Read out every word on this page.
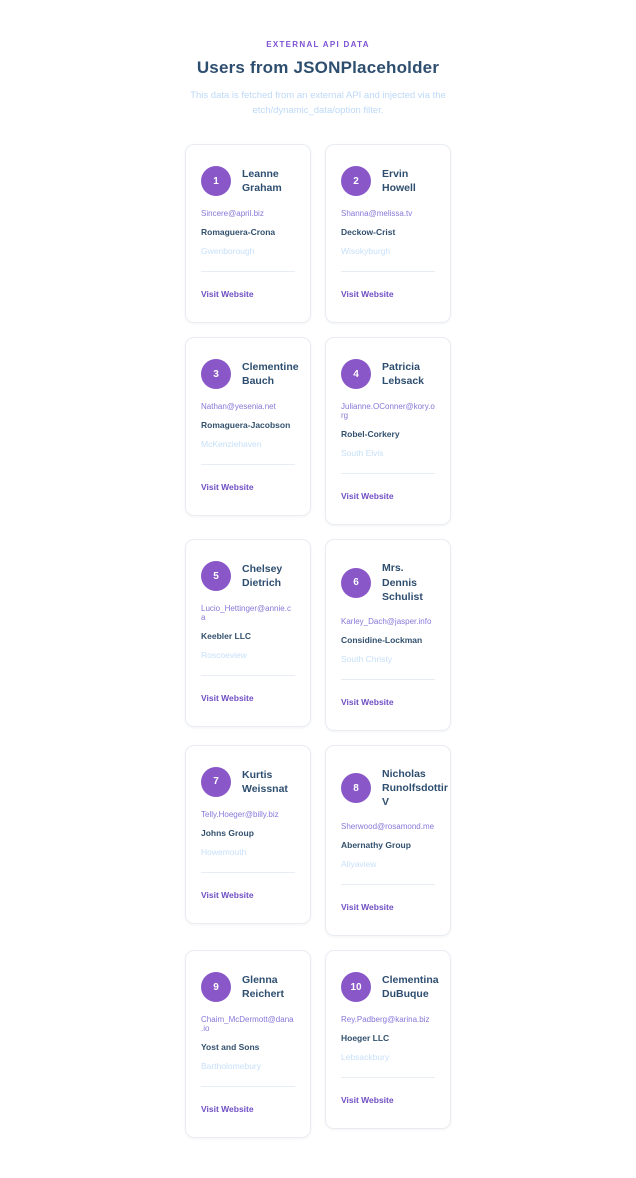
EXTERNAL API DATA
Users from JSONPlaceholder

This data is fetched from an external API and injected via the etch/dynamic_data/option filter.

1
Leanne Graham
Sincere@april.biz
Romaguera-Crona
Gwenborough
Visit Website
2
Ervin Howell
Shanna@melissa.tv
Deckow-Crist
Wisokyburgh
Visit Website
3
Clementine Bauch
Nathan@yesenia.net
Romaguera-Jacobson
McKenziehaven
Visit Website
4
Patricia Lebsack
Julianne.OConner@kory.org
Robel-Corkery
South Elvis
Visit Website
5
Chelsey Dietrich
Lucio_Hettinger@annie.ca
Keebler LLC
Roscoeview
Visit Website
6
Mrs. Dennis Schulist
Karley_Dach@jasper.info
Considine-Lockman
South Christy
Visit Website
7
Kurtis Weissnat
Telly.Hoeger@billy.biz
Johns Group
Howemouth
Visit Website
8
Nicholas Runolfsdottir V
Sherwood@rosamond.me
Abernathy Group
Aliyaview
Visit Website
9
Glenna Reichert
Chaim_McDermott@dana.io
Yost and Sons
Bartholomebury
Visit Website
10
Clementina DuBuque
Rey.Padberg@karina.biz
Hoeger LLC
Lebsackbury
Visit Website
